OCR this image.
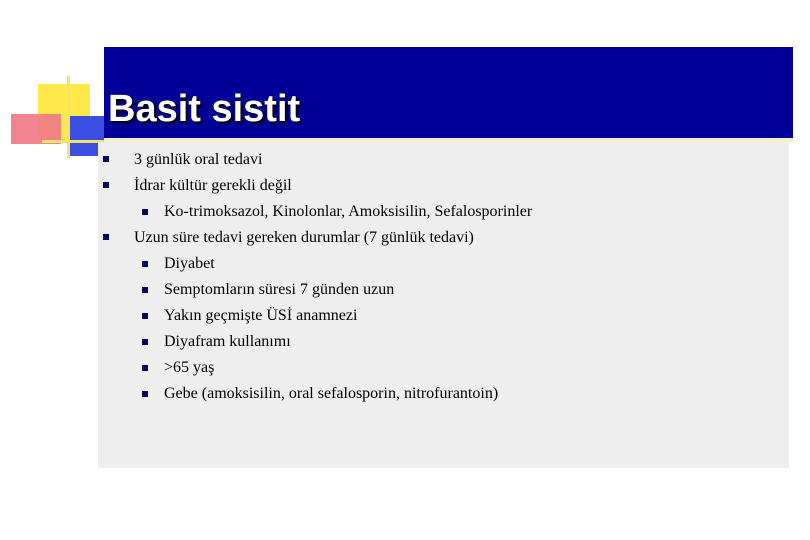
Basit sistit
3 günlük oral tedavi
İdrar kültür gerekli değil
Ko-trimoksazol, Kinolonlar, Amoksisilin, Sefalosporinler
Uzun süre tedavi gereken durumlar (7 günlük tedavi)
Diyabet
Semptomların süresi 7 günden uzun
Yakın geçmişte ÜSİ anamnezi
Diyafram kullanımı
>65 yaş
Gebe (amoksisilin, oral sefalosporin, nitrofurantoin)
